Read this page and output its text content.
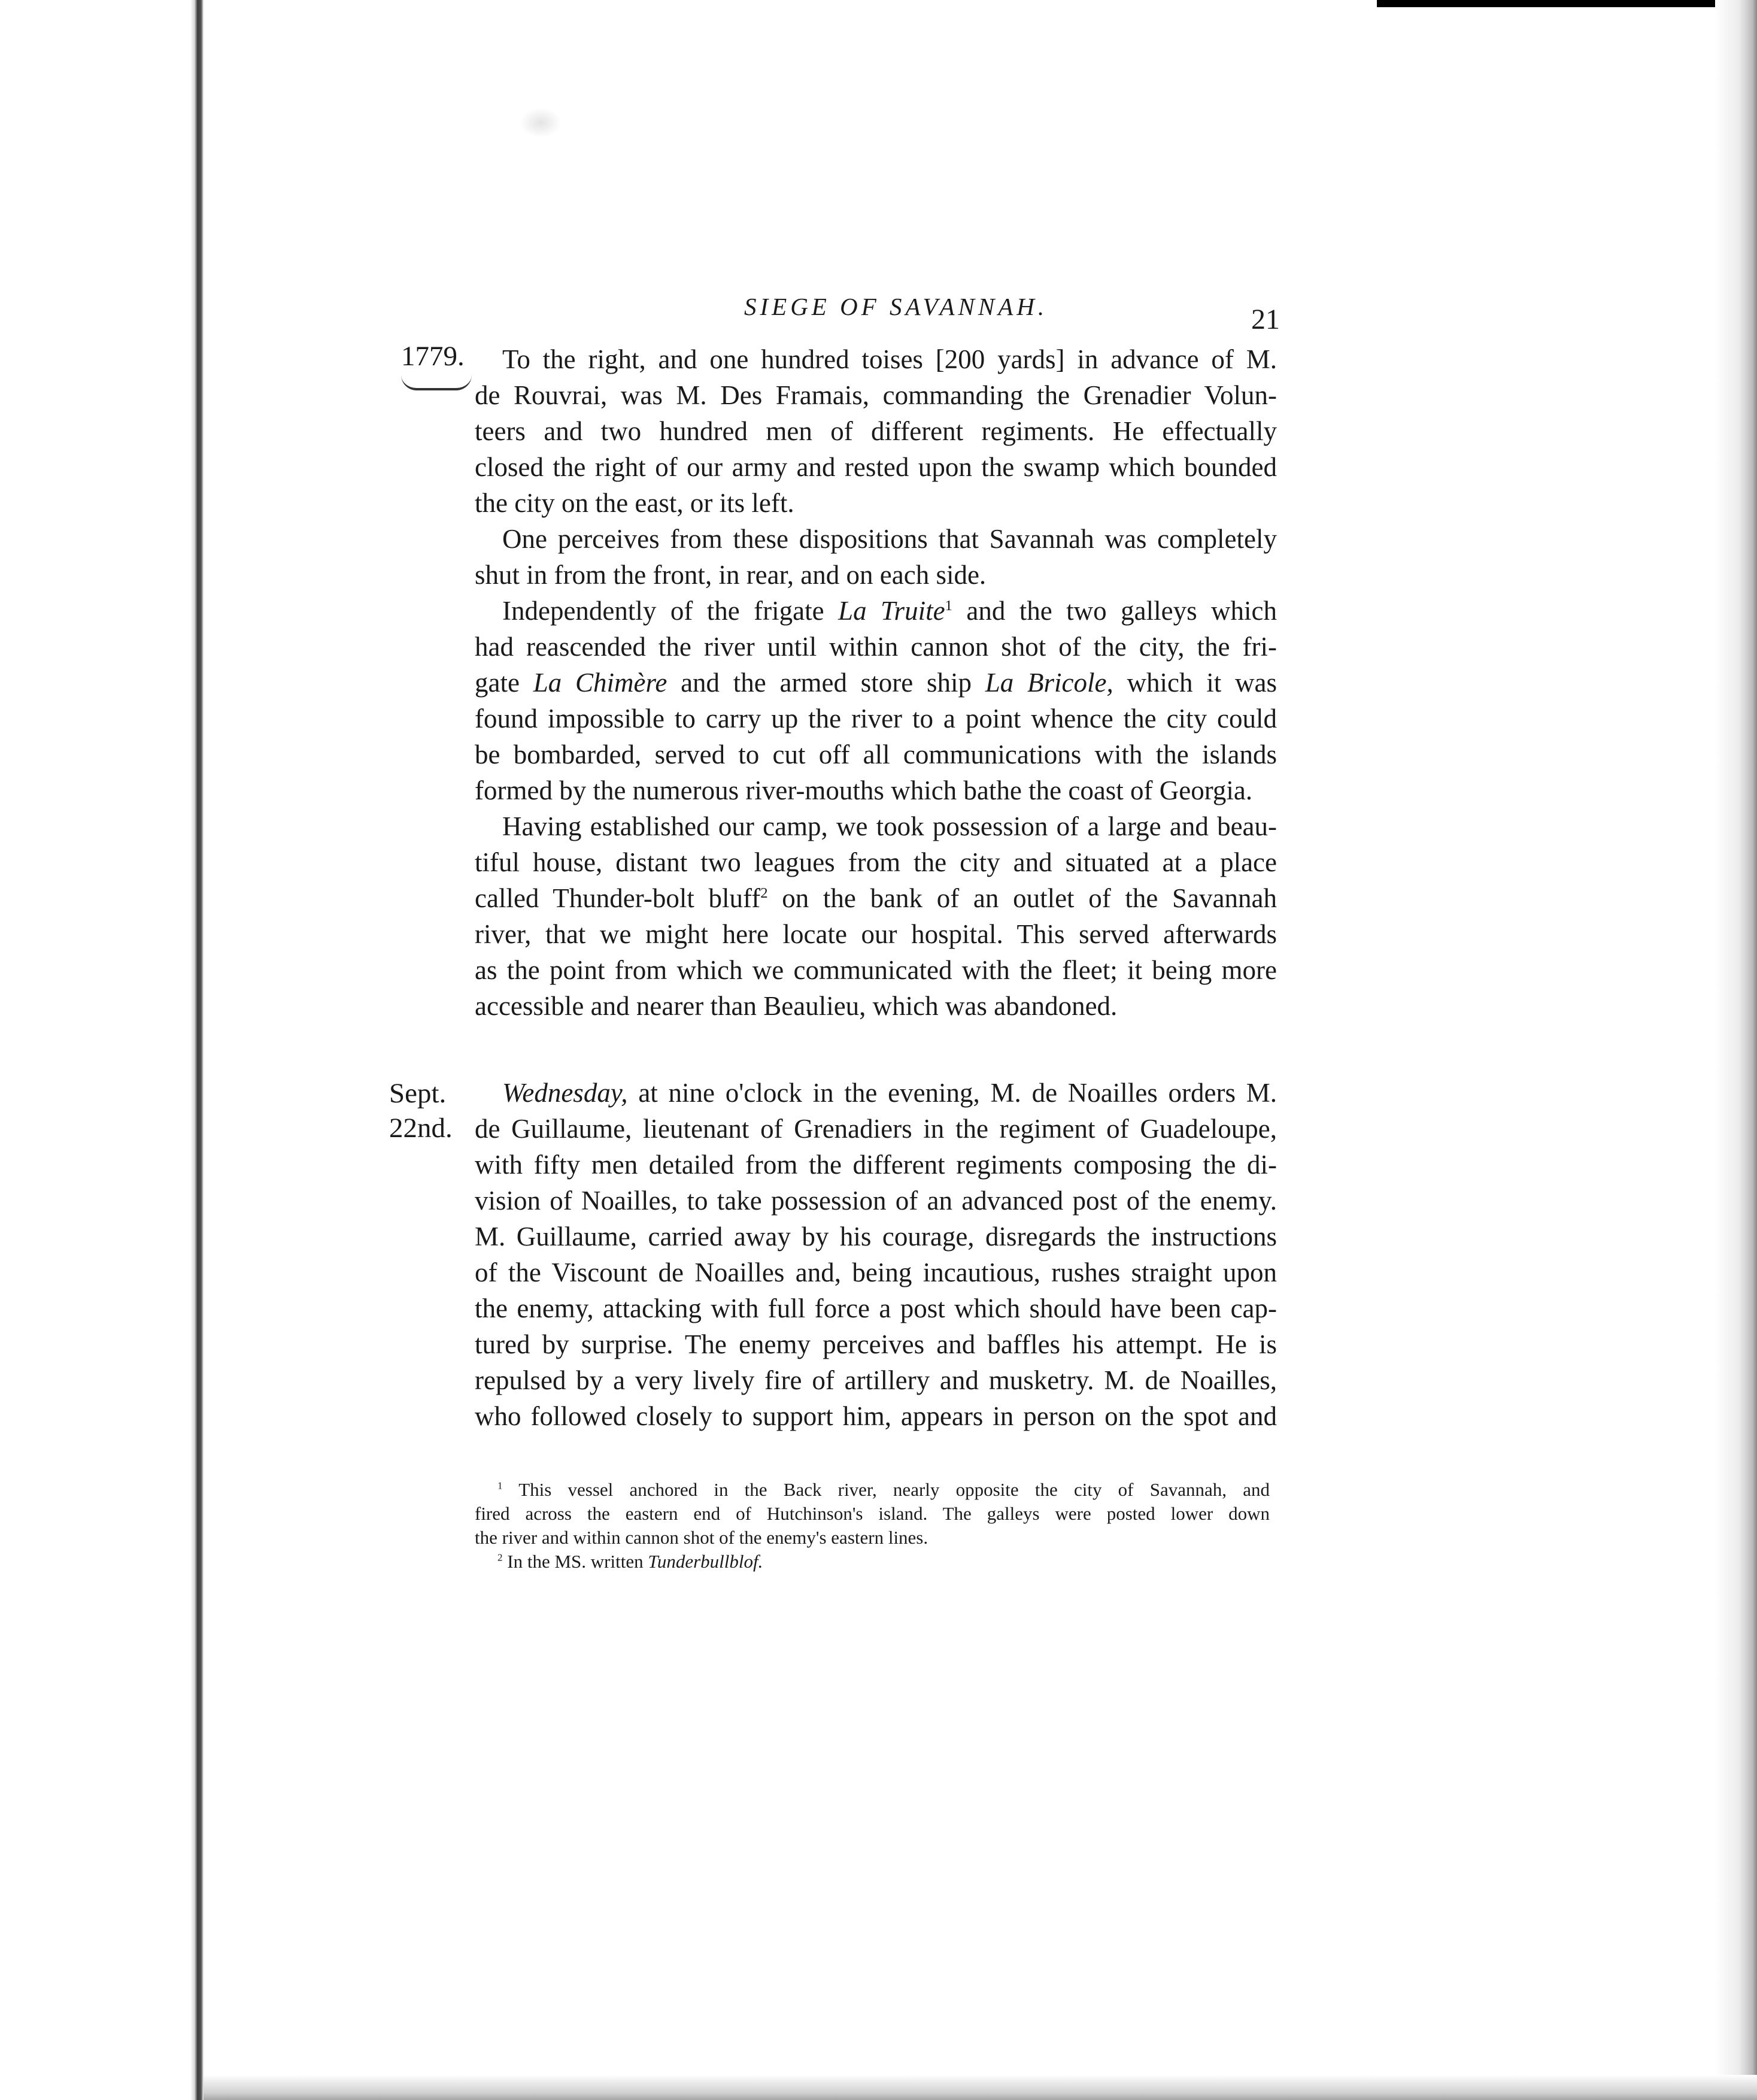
SIEGE OF SAVANNAH.	21
1779.
Sept.
22nd.
To the right, and one hundred toises [200 yards] in advance of M.
de Rouvrai, was M. Des Framais, commanding the Grenadier Volun-
teers and two hundred men of different regiments. He effectually
closed the right of our army and rested upon the swamp which bounded
the city on the east, or its left.
One perceives from these dispositions that Savannah was completely
shut in from the front, in rear, and on each side.
Independently of the frigate La Truite$^1$ and the two galleys which
had reascended the river until within cannon shot of the city, the fri-
gate La Chimère and the armed store ship La Bricole, which it was
found impossible to carry up the river to a point whence the city could
be bombarded, served to cut off all communications with the islands
formed by the numerous river-mouths which bathe the coast of Georgia.
Having established our camp, we took possession of a large and beau-
tiful house, distant two leagues from the city and situated at a place
called Thunder-bolt bluff$^2$ on the bank of an outlet of the Savannah
river, that we might here locate our hospital. This served afterwards
as the point from which we communicated with the fleet; it being more
accessible and nearer than Beaulieu, which was abandoned.
Wednesday, at nine o'clock in the evening, M. de Noailles orders M.
de Guillaume, lieutenant of Grenadiers in the regiment of Guadeloupe,
with fifty men detailed from the different regiments composing the di-
vision of Noailles, to take possession of an advanced post of the enemy.
M. Guillaume, carried away by his courage, disregards the instructions
of the Viscount de Noailles and, being incautious, rushes straight upon
the enemy, attacking with full force a post which should have been cap-
tured by surprise. The enemy perceives and baffles his attempt. He is
repulsed by a very lively fire of artillery and musketry. M. de Noailles,
who followed closely to support him, appears in person on the spot and
$^1$ This vessel anchored in the Back river, nearly opposite the city of Savannah, and
fired across the eastern end of Hutchinson's island. The galleys were posted lower down
the river and within cannon shot of the enemy's eastern lines.
$^2$ In the MS. written Tunderbullblof.
